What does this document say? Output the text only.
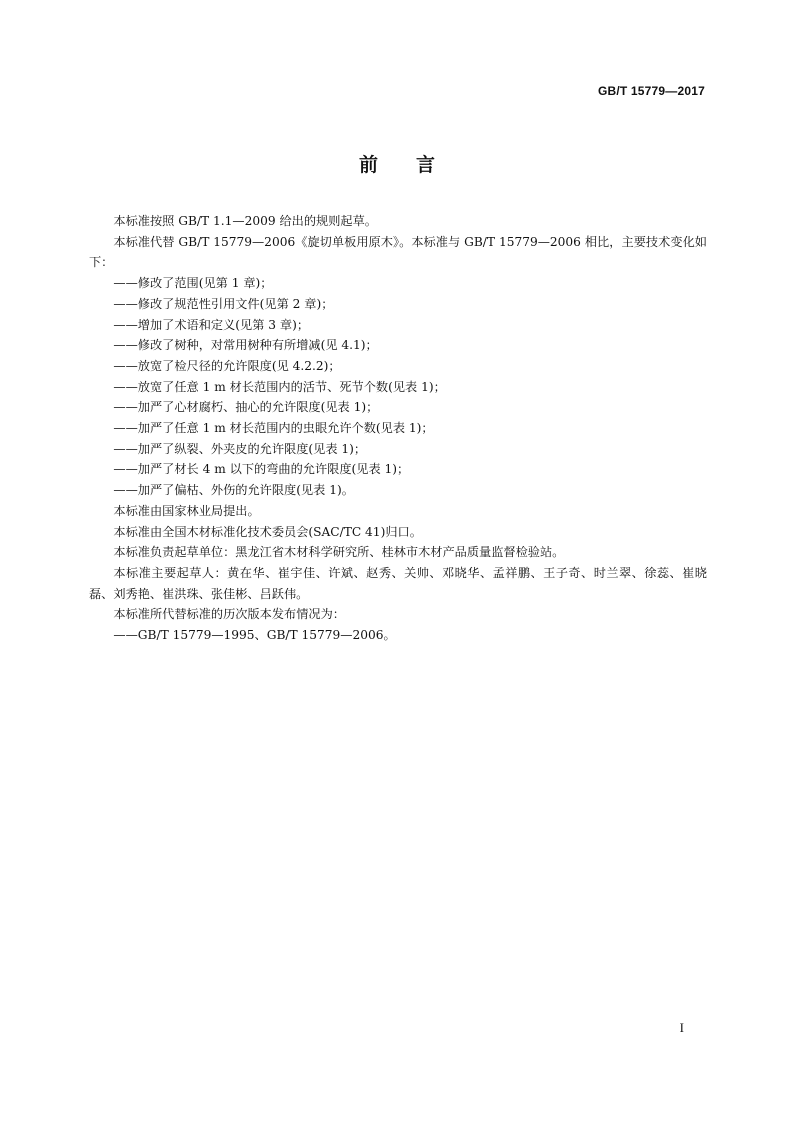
GB/T 15779—2017
前言

本标准按照 GB/T 1.1—2009 给出的规则起草。

本标准代替 GB/T 15779—2006《旋切单板用原木》。本标准与 GB/T 15779—2006 相比，主要技术变化如下：

——修改了范围(见第 1 章)；

——修改了规范性引用文件(见第 2 章)；

——增加了术语和定义(见第 3 章)；

——修改了树种，对常用树种有所增减(见 4.1)；

——放宽了检尺径的允许限度(见 4.2.2)；

——放宽了任意 1 m 材长范围内的活节、死节个数(见表 1)；

——加严了心材腐朽、抽心的允许限度(见表 1)；

——加严了任意 1 m 材长范围内的虫眼允许个数(见表 1)；

——加严了纵裂、外夹皮的允许限度(见表 1)；

——加严了材长 4 m 以下的弯曲的允许限度(见表 1)；

——加严了偏枯、外伤的允许限度(见表 1)。

本标准由国家林业局提出。

本标准由全国木材标准化技术委员会(SAC/TC 41)归口。

本标准负责起草单位：黑龙江省木材科学研究所、桂林市木材产品质量监督检验站。

本标准主要起草人：黄在华、崔宇佳、许斌、赵秀、关帅、邓晓华、孟祥鹏、王子奇、时兰翠、徐蕊、崔晓磊、刘秀艳、崔洪珠、张佳彬、吕跃伟。

本标准所代替标准的历次版本发布情况为：

——GB/T 15779—1995、GB/T 15779—2006。

I
